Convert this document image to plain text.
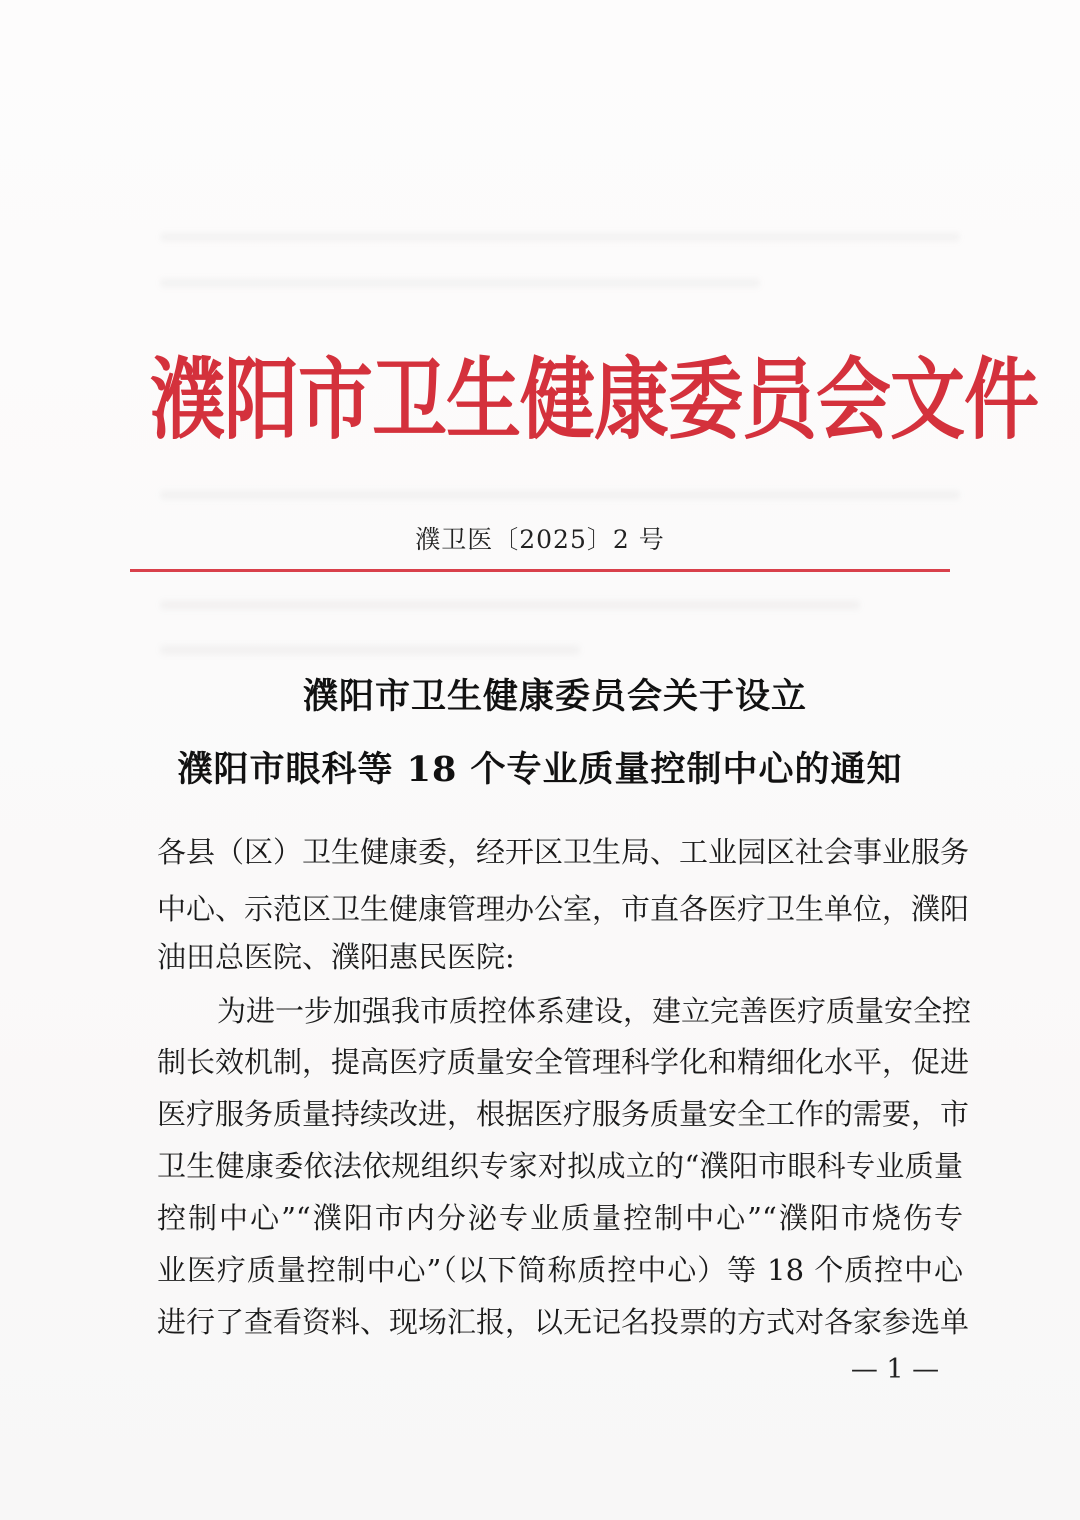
濮阳市卫生健康委员会文件
濮卫医〔2025〕2 号
濮阳市卫生健康委员会关于设立
濮阳市眼科等 18 个专业质量控制中心的通知
各县（区）卫生健康委，经开区卫生局、工业园区社会事业服务
中心、示范区卫生健康管理办公室，市直各医疗卫生单位，濮阳
油田总医院、濮阳惠民医院:
为进一步加强我市质控体系建设，建立完善医疗质量安全控
制长效机制，提高医疗质量安全管理科学化和精细化水平，促进
医疗服务质量持续改进，根据医疗服务质量安全工作的需要，市
卫生健康委依法依规组织专家对拟成立的“濮阳市眼科专业质量
控制中心”“濮阳市内分泌专业质量控制中心”“濮阳市烧伤专
业医疗质量控制中心”（以下简称质控中心）等 18 个质控中心
进行了查看资料、现场汇报，以无记名投票的方式对各家参选单
— 1 —
